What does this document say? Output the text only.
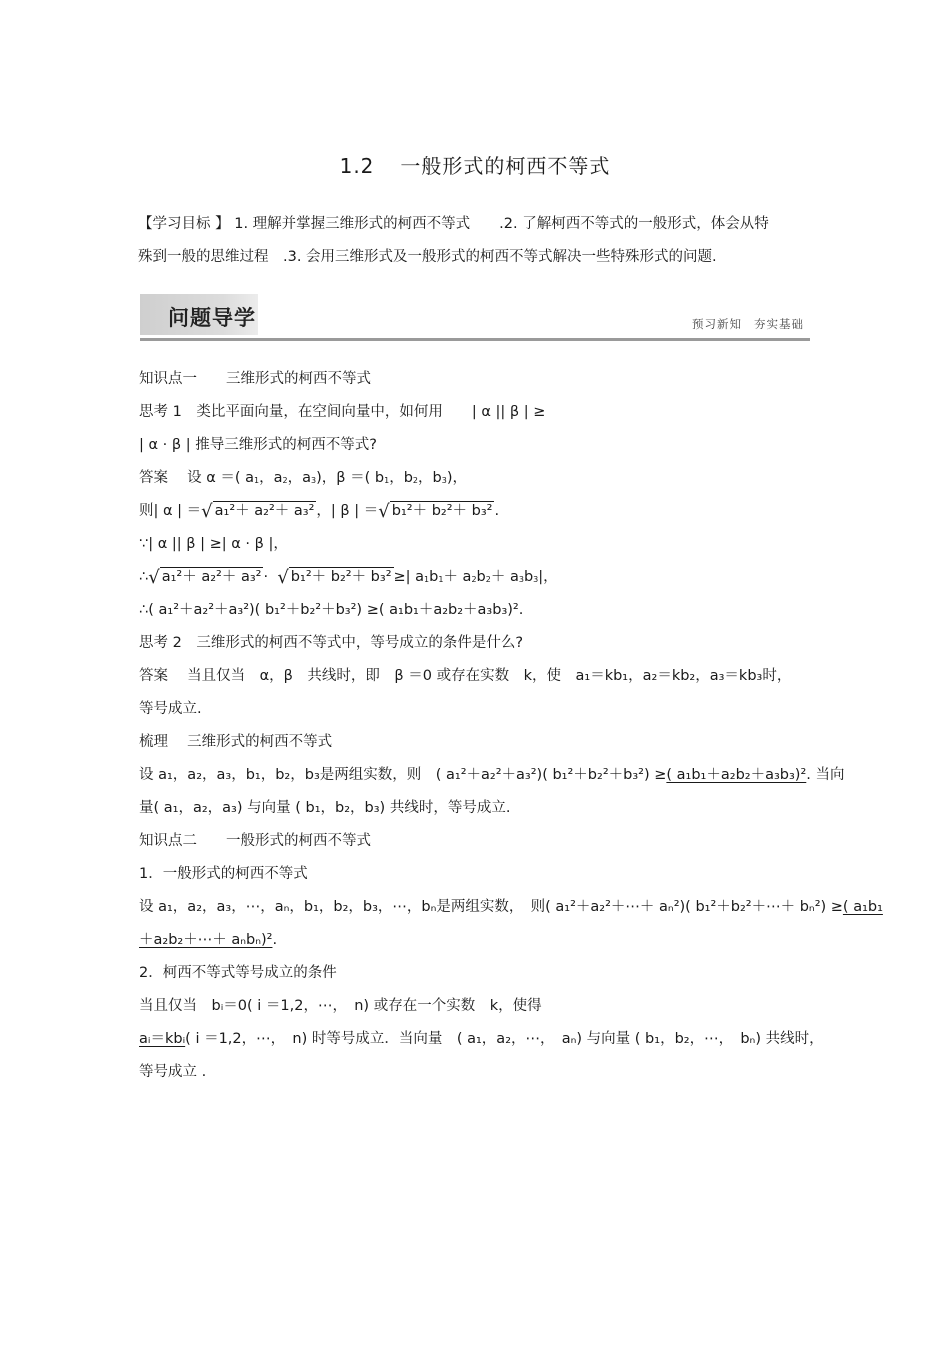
1.2 一般形式的柯西不等式
【学习目标 】 1. 理解并掌握三维形式的柯西不等式　　.2. 了解柯西不等式的一般形式，体会从特
殊到一般的思维过程　.3. 会用三维形式及一般形式的柯西不等式解决一些特殊形式的问题.
问题导学	预习新知 夯实基础
知识点一　　三维形式的柯西不等式
思考 1　类比平面向量，在空间向量中，如何用　　| α || β | ≥
| α · β | 推导三维形式的柯西不等式?
答案　 设 α ＝( $a_1$，$a_2$，$a_3$)，β ＝( $b_1$，$b_2$，$b_3$)，
则| α | ＝√ a₁²＋ a₂²＋ a₃² ，| β | ＝√ b₁²＋ b₂²＋ b₃² .
∵| α || β | ≥| α · β |，
∴√ a₁²＋ a₂²＋ a₃² · √ b₁²＋ b₂²＋ b₃² ≥| $a_1b_1+ a_2b_2+ a_3b_3|$，
∴( a₁²＋a₂²＋a₃²)( b₁²＋b₂²＋b₃²) ≥( a₁b₁＋a₂b₂＋a₃b₃)².
思考 2　三维形式的柯西不等式中，等号成立的条件是什么?
答案　 当且仅当　α，β　共线时，即　β ＝0 或存在实数　k，使　a₁＝kb₁，a₂＝kb₂，a₃＝kb₃时，
等号成立.
梳理　 三维形式的柯西不等式
设 a₁，a₂，a₃，b₁，b₂，b₃是两组实数，则　( a₁²＋a₂²＋a₃²)( b₁²＋b₂²＋b₃²) ≥( a₁b₁＋a₂b₂＋a₃b₃)². 当向
量( a₁，a₂，a₃) 与向量 ( b₁，b₂，b₃) 共线时，等号成立.
知识点二　　一般形式的柯西不等式
1．一般形式的柯西不等式
设 a₁，a₂，a₃，⋯，aₙ，b₁，b₂，b₃，⋯，bₙ是两组实数，　则( a₁²＋a₂²＋⋯＋ aₙ²)( b₁²＋b₂²＋⋯＋ bₙ²) ≥( a₁b₁
＋a₂b₂＋⋯＋ aₙbₙ)².
2．柯西不等式等号成立的条件
当且仅当　bᵢ＝0( i ＝1,2，⋯，　n) 或存在一个实数　k，使得
aᵢ＝kbᵢ( i ＝1,2，⋯，　n) 时等号成立．当向量　( a₁，a₂，⋯，　aₙ) 与向量 ( b₁，b₂，⋯，　bₙ) 共线时，
等号成立 .
